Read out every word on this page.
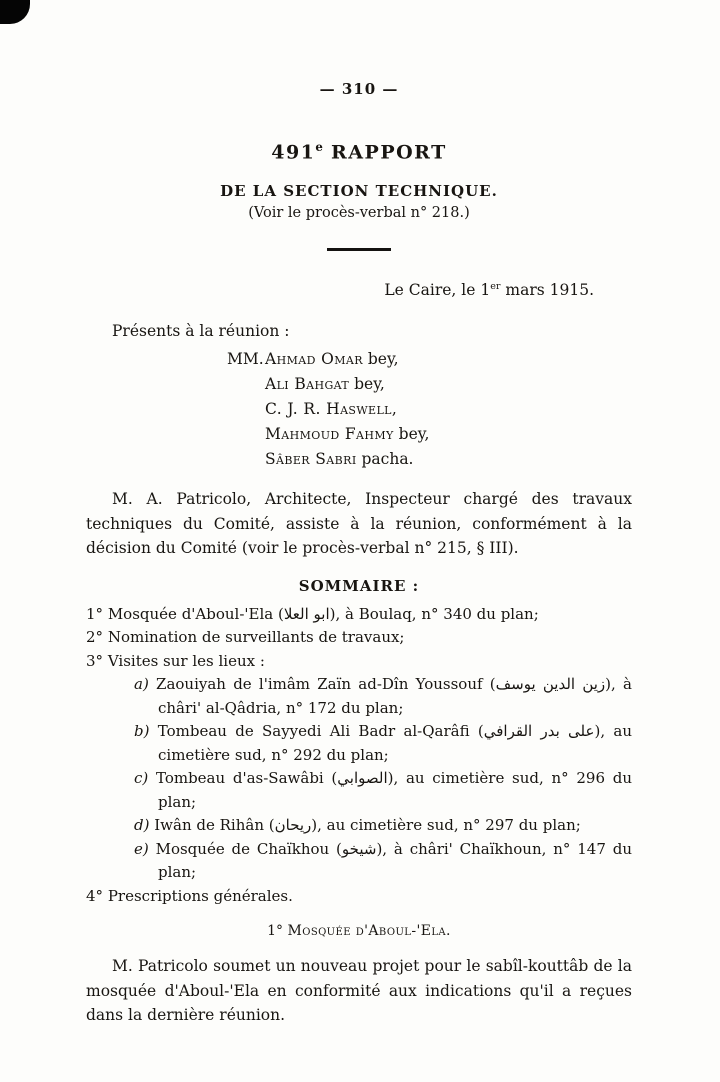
— 310 —
491e RAPPORT
DE LA SECTION TECHNIQUE.
(Voir le procès-verbal n° 218.)
Le Caire, le 1er mars 1915.
Présents à la réunion :
MM. Ahmad Omar bey,
Ali Bahgat bey,
C. J. R. Haswell,
Mahmoud Fahmy bey,
Sâber Sabri pacha.
M. A. Patricolo, Architecte, Inspecteur chargé des travaux techniques du Comité, assiste à la réunion, conformément à la décision du Comité (voir le procès-verbal n° 215, § III).
SOMMAIRE :
1° Mosquée d'Aboul-'Ela (ابو العلا), à Boulaq, n° 340 du plan;
2° Nomination de surveillants de travaux;
3° Visites sur les lieux :
a) Zaouiyah de l'imâm Zaïn ad-Dîn Youssouf (زين الدين يوسف), à châri' al-Qâdria, n° 172 du plan;
b) Tombeau de Sayyedi Ali Badr al-Qarâfi (على بدر القرافي), au cimetière sud, n° 292 du plan;
c) Tombeau d'as-Sawâbi (الصوابي), au cimetière sud, n° 296 du plan;
d) Iwân de Rihân (ريحان), au cimetière sud, n° 297 du plan;
e) Mosquée de Chaïkhou (شيخو), à châri' Chaïkhoun, n° 147 du plan;
4° Prescriptions générales.
1° Mosquée d'Aboul-'Ela.
M. Patricolo soumet un nouveau projet pour le sabîl-kouttâb de la mosquée d'Aboul-'Ela en conformité aux indications qu'il a reçues dans la dernière réunion.
